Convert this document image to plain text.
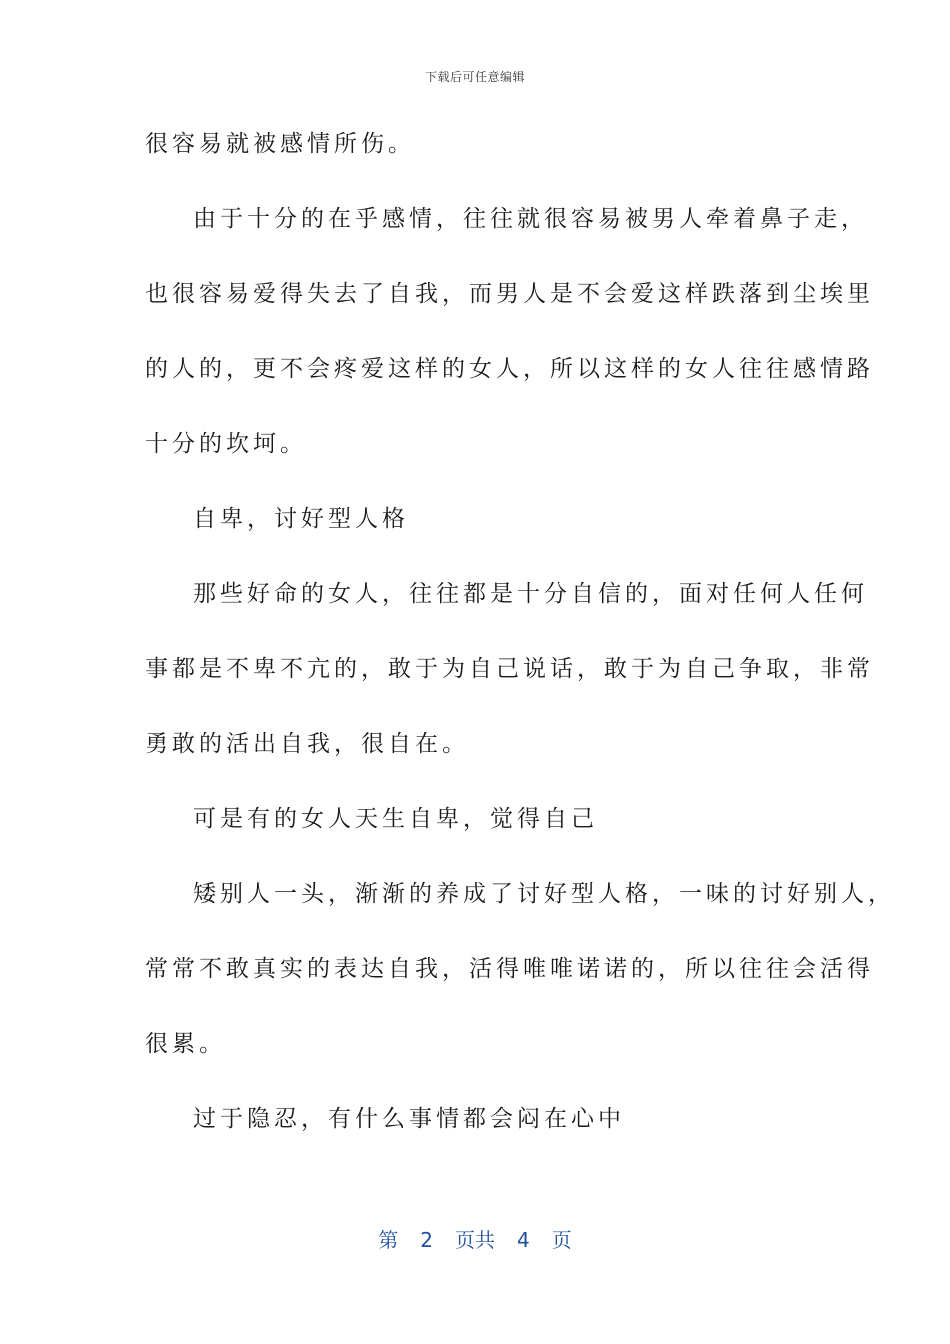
下载后可任意编辑
很容易就被感情所伤。
由于十分的在乎感情，往往就很容易被男人牵着鼻子走，
也很容易爱得失去了自我，而男人是不会爱这样跌落到尘埃里
的人的，更不会疼爱这样的女人，所以这样的女人往往感情路
十分的坎坷。
自卑，讨好型人格
那些好命的女人，往往都是十分自信的，面对任何人任何
事都是不卑不亢的，敢于为自己说话，敢于为自己争取，非常
勇敢的活出自我，很自在。
可是有的女人天生自卑，觉得自己
矮别人一头，渐渐的养成了讨好型人格，一味的讨好别人，
常常不敢真实的表达自我，活得唯唯诺诺的，所以往往会活得
很累。
过于隐忍，有什么事情都会闷在心中
第 2 页共 4 页
